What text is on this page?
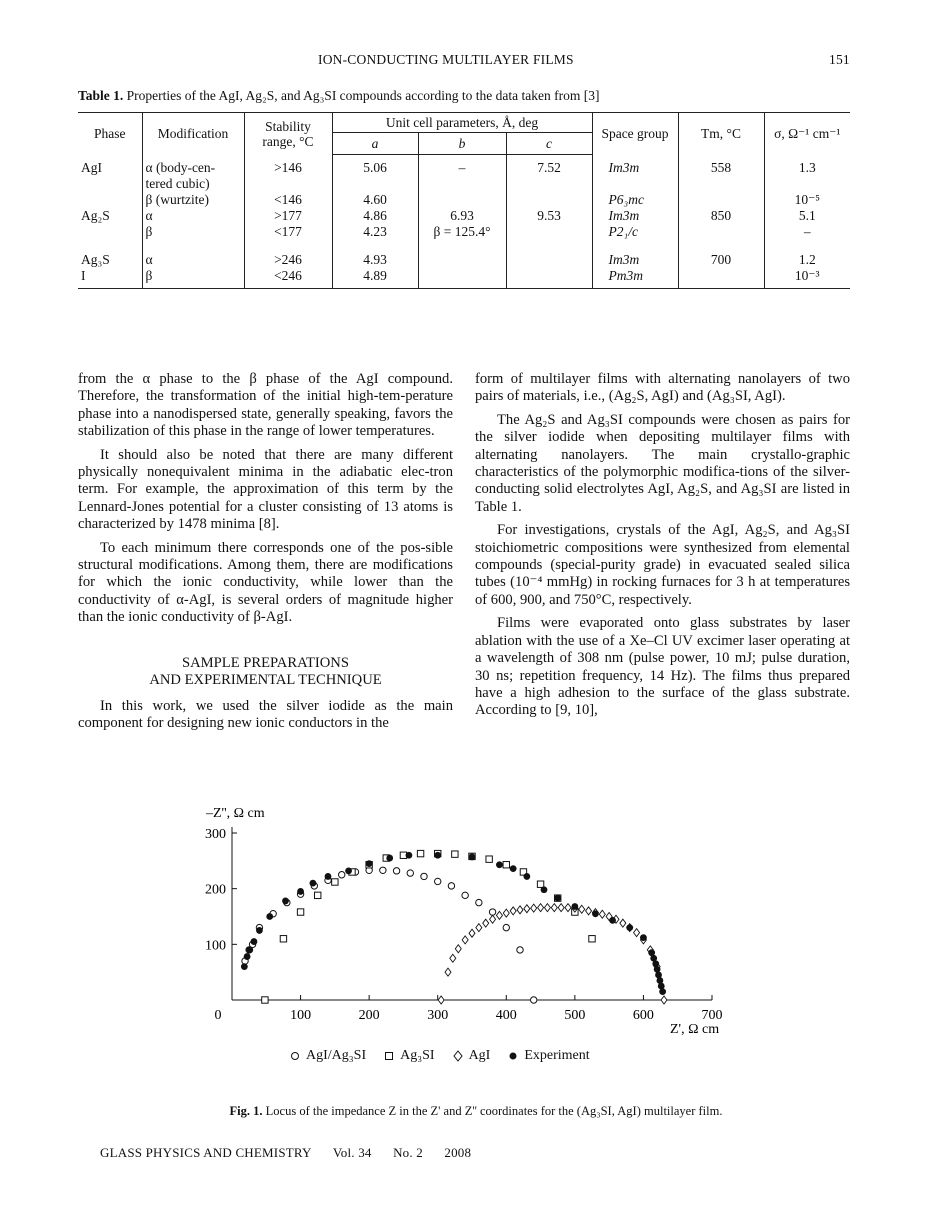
ION-CONDUCTING MULTILAYER FILMS	151
Table 1. Properties of the AgI, Ag₂S, and Ag₃SI compounds according to the data taken from [3]
Phase	Modification	Stability range, °C	Unit cell parameters, Å, deg			Space group	Tm, °C	σ, Ω⁻¹ cm⁻¹
			a	b	c			
AgI	α (body-cen-tered cubic)	>146	5.06	–	7.52	Im3m	558	1.3
	β (wurtzite)	<146	4.60			P6₃mc		10⁻⁵
Ag₂S	α	>177	4.86	6.93	9.53	Im3m	850	5.1
	β	<177	4.23	β = 125.4°		P2₁/c		–
Ag₃S	α	>246	4.93			Im3m	700	1.2
I	β	<246	4.89			Pm3m		10⁻³

from the α phase to the β phase of the AgI compound. Therefore, the transformation of the initial high-tem-perature phase into a nanodispersed state, generally speaking, favors the stabilization of this phase in the range of lower temperatures.

It should also be noted that there are many different physically nonequivalent minima in the adiabatic elec-tron term. For example, the approximation of this term by the Lennard-Jones potential for a cluster consisting of 13 atoms is characterized by 1478 minima [8].

To each minimum there corresponds one of the pos-sible structural modifications. Among them, there are modifications for which the ionic conductivity, while lower than the conductivity of α-AgI, is several orders of magnitude higher than the ionic conductivity of β-AgI.

SAMPLE PREPARATIONS
AND EXPERIMENTAL TECHNIQUE

In this work, we used the silver iodide as the main component for designing new ionic conductors in the

form of multilayer films with alternating nanolayers of two pairs of materials, i.e., (Ag₂S, AgI) and (Ag₃SI, AgI).

The Ag₂S and Ag₃SI compounds were chosen as pairs for the silver iodide when depositing multilayer films with alternating nanolayers. The main crystallo-graphic characteristics of the polymorphic modifica-tions of the silver-conducting solid electrolytes AgI, Ag₂S, and Ag₃SI are listed in Table 1.

For investigations, crystals of the AgI, Ag₂S, and Ag₃SI stoichiometric compositions were synthesized from elemental compounds (special-purity grade) in evacuated sealed silica tubes (10⁻⁴ mmHg) in rocking furnaces for 3 h at temperatures of 600, 900, and 750°C, respectively.

Films were evaporated onto glass substrates by laser ablation with the use of a Xe–Cl UV excimer laser operating at a wavelength of 308 nm (pulse power, 10 mJ; pulse duration, 30 ns; repetition frequency, 14 Hz). The films thus prepared have a high adhesion to the surface of the glass substrate. According to [9, 10],

0	100	200	300	400	500	600	700
100
200
300
–Z'', Ω cm
Z', Ω cm
AgI/Ag₃SI Ag₃SI AgI Experiment
Fig. 1. Locus of the impedance Z in the Z' and Z'' coordinates for the (Ag₃SI, AgI) multilayer film.
GLASS PHYSICS AND CHEMISTRY Vol. 34 No. 2 2008
